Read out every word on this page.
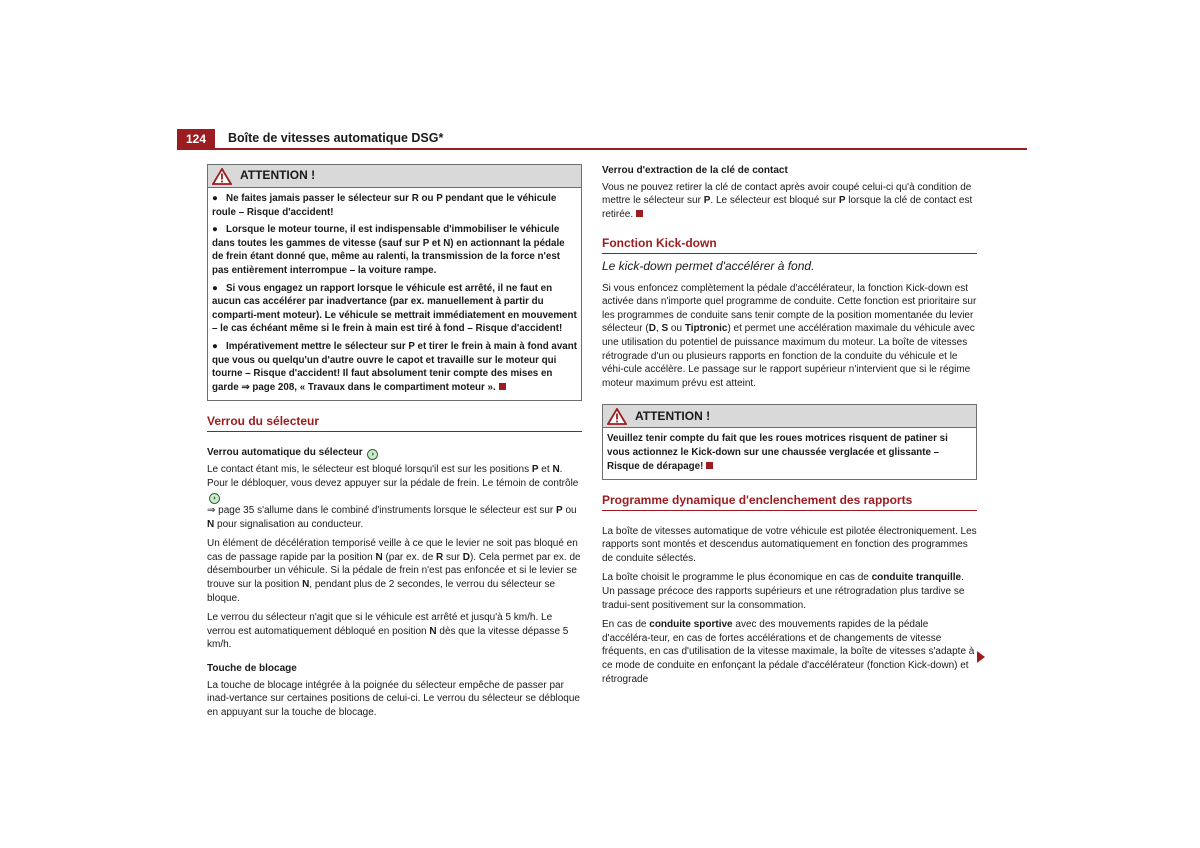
124	Boîte de vitesses automatique DSG*
ATTENTION !

● Ne faites jamais passer le sélecteur sur R ou P pendant que le véhicule roule – Risque d'accident!

● Lorsque le moteur tourne, il est indispensable d'immobiliser le véhicule dans toutes les gammes de vitesse (sauf sur P et N) en actionnant la pédale de frein étant donné que, même au ralenti, la transmission de la force n'est pas entièrement interrompue – la voiture rampe.

● Si vous engagez un rapport lorsque le véhicule est arrêté, il ne faut en aucun cas accélérer par inadvertance (par ex. manuellement à partir du comparti-ment moteur). Le véhicule se mettrait immédiatement en mouvement – le cas échéant même si le frein à main est tiré à fond – Risque d'accident!

● Impérativement mettre le sélecteur sur P et tirer le frein à main à fond avant que vous ou quelqu'un d'autre ouvre le capot et travaille sur le moteur qui tourne – Risque d'accident! Il faut absolument tenir compte des mises en garde ⇒ page 208, « Travaux dans le compartiment moteur ».

Verrou du sélecteur

Verrou automatique du sélecteur ◗

Le contact étant mis, le sélecteur est bloqué lorsqu'il est sur les positions P et N. Pour le débloquer, vous devez appuyer sur la pédale de frein. Le témoin de contrôle ◗
⇒ page 35 s'allume dans le combiné d'instruments lorsque le sélecteur est sur P ou N pour signalisation au conducteur.

Un élément de décélération temporisé veille à ce que le levier ne soit pas bloqué en cas de passage rapide par la position N (par ex. de R sur D). Cela permet par ex. de désembourber un véhicule. Si la pédale de frein n'est pas enfoncée et si le levier se trouve sur la position N, pendant plus de 2 secondes, le verrou du sélecteur se bloque.

Le verrou du sélecteur n'agit que si le véhicule est arrêté et jusqu'à 5 km/h. Le verrou est automatiquement débloqué en position N dès que la vitesse dépasse 5 km/h.

Touche de blocage

La touche de blocage intégrée à la poignée du sélecteur empêche de passer par inad-vertance sur certaines positions de celui-ci. Le verrou du sélecteur se débloque en appuyant sur la touche de blocage.

Verrou d'extraction de la clé de contact

Vous ne pouvez retirer la clé de contact après avoir coupé celui-ci qu'à condition de mettre le sélecteur sur P. Le sélecteur est bloqué sur P lorsque la clé de contact est retirée.

Fonction Kick-down

Le kick-down permet d'accélérer à fond.

Si vous enfoncez complètement la pédale d'accélérateur, la fonction Kick-down est activée dans n'importe quel programme de conduite. Cette fonction est prioritaire sur les programmes de conduite sans tenir compte de la position momentanée du levier sélecteur (D, S ou Tiptronic) et permet une accélération maximale du véhicule avec une utilisation du potentiel de puissance maximum du moteur. La boîte de vitesses rétrograde d'un ou plusieurs rapports en fonction de la conduite du véhicule et le véhi-cule accélère. Le passage sur le rapport supérieur n'intervient que si le régime moteur maximum prévu est atteint.

ATTENTION !

Veuillez tenir compte du fait que les roues motrices risquent de patiner si vous actionnez le Kick-down sur une chaussée verglacée et glissante – Risque de dérapage!

Programme dynamique d'enclenchement des rapports

La boîte de vitesses automatique de votre véhicule est pilotée électroniquement. Les rapports sont montés et descendus automatiquement en fonction des programmes de conduite sélectés.

La boîte choisit le programme le plus économique en cas de conduite tranquille. Un passage précoce des rapports supérieurs et une rétrogradation plus tardive se tradui-sent positivement sur la consommation.

En cas de conduite sportive avec des mouvements rapides de la pédale d'accéléra-teur, en cas de fortes accélérations et de changements de vitesse fréquents, en cas d'utilisation de la vitesse maximale, la boîte de vitesses s'adapte à ce mode de conduite en enfonçant la pédale d'accélérateur (fonction Kick-down) et rétrograde
